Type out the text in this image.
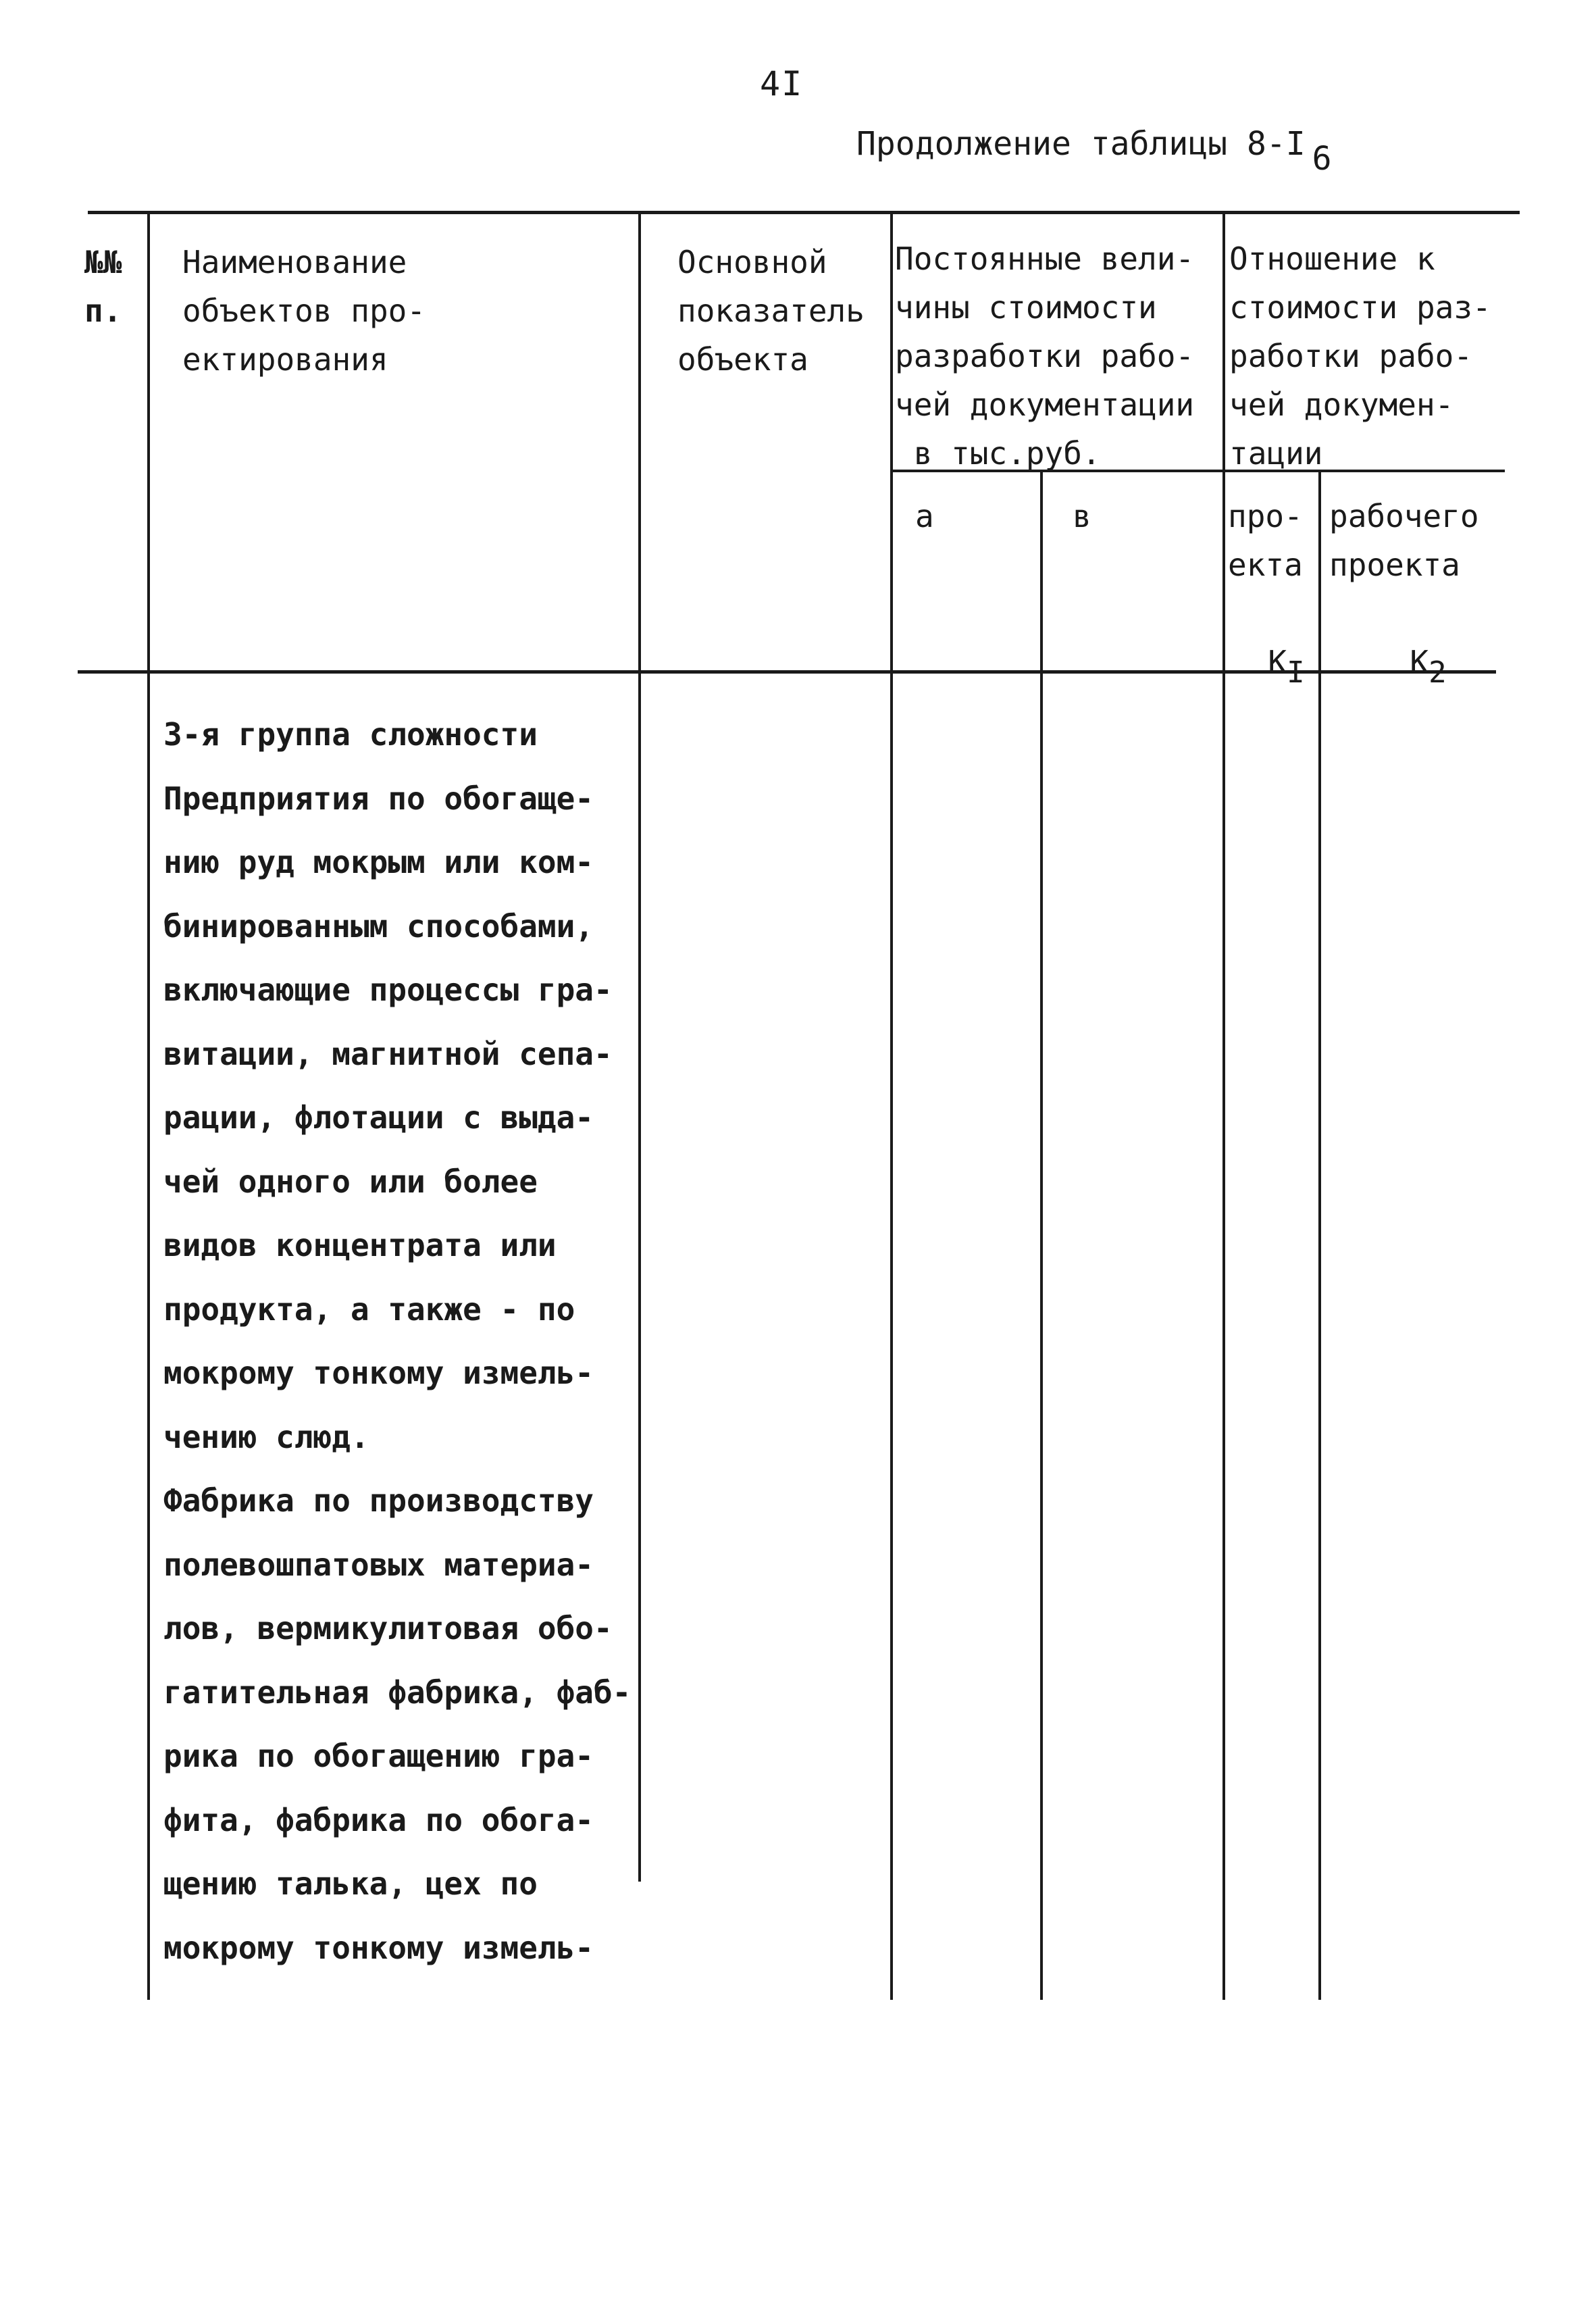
4I
Продолжение таблицы 8-I 6
№№
п.
Наименование
объектов про-
ектирования
Основной
показатель
объекта
Постоянные вели-
чины стоимости
разработки рабо-
чей документации
в тыс.руб.
Отношение к
стоимости раз-
работки рабо-
чей докумен-
тации
а	в	про-
екта

КI

рабочего
проекта

К2

3-я группа сложности
Предприятия по обогаще-
нию руд мокрым или ком-
бинированным способами,
включающие процессы гра-
витации, магнитной сепа-
рации, флотации с выда-
чей одного или более
видов концентрата или
продукта, а также - по
мокрому тонкому измель-
чению слюд.
Фабрика по производству
полевошпатовых материа-
лов, вермикулитовая обо-
гатительная фабрика, фаб-
рика по обогащению гра-
фита, фабрика по обога-
щению талька, цех по
мокрому тонкому измель-
